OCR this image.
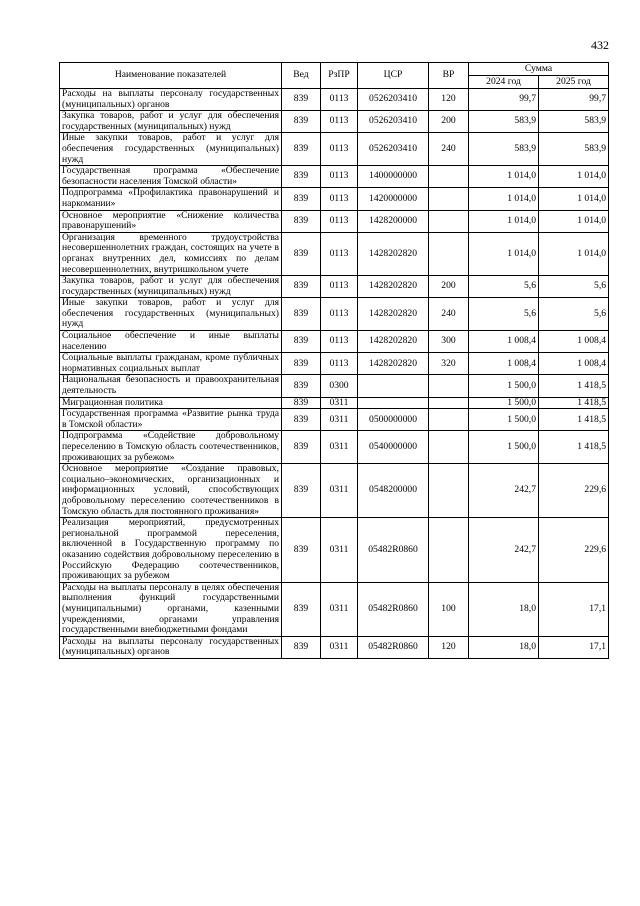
432
Наименование показателей	Вед	РзПР	ЦСР	ВР	Сумма	
					2024 год	2025 год
Расходы на выплаты персоналу государственных (муниципальных) органов	839	0113	0526203410	120	99,7	99,7
Закупка товаров, работ и услуг для обеспечения государственных (муниципальных) нужд	839	0113	0526203410	200	583,9	583,9
Иные закупки товаров, работ и услуг для обеспечения государственных (муниципальных) нужд	839	0113	0526203410	240	583,9	583,9
Государственная программа «Обеспечение безопасности населения Томской области»	839	0113	1400000000		1 014,0	1 014,0
Подпрограмма «Профилактика правонарушений и наркомании»	839	0113	1420000000		1 014,0	1 014,0
Основное мероприятие «Снижение количества правонарушений»	839	0113	1428200000		1 014,0	1 014,0
Организация временного трудоустройства несовершеннолетних граждан, состоящих на учете в органах внутренних дел, комиссиях по делам несовершеннолетних, внутришкольном учете	839	0113	1428202820		1 014,0	1 014,0
Закупка товаров, работ и услуг для обеспечения государственных (муниципальных) нужд	839	0113	1428202820	200	5,6	5,6
Иные закупки товаров, работ и услуг для обеспечения государственных (муниципальных) нужд	839	0113	1428202820	240	5,6	5,6
Социальное обеспечение и иные выплаты населению	839	0113	1428202820	300	1 008,4	1 008,4
Социальные выплаты гражданам, кроме публичных нормативных социальных выплат	839	0113	1428202820	320	1 008,4	1 008,4
Национальная безопасность и правоохранительная деятельность	839	0300			1 500,0	1 418,5
Миграционная политика	839	0311			1 500,0	1 418,5
Государственная программа «Развитие рынка труда в Томской области»	839	0311	0500000000		1 500,0	1 418,5
Подпрограмма «Содействие добровольному переселению в Томскую область соотечественников, проживающих за рубежом»	839	0311	0540000000		1 500,0	1 418,5
Основное мероприятие «Создание правовых, социально–экономических, организационных и информационных условий, способствующих добровольному переселению соотечественников в Томскую область для постоянного проживания»	839	0311	0548200000		242,7	229,6
Реализация мероприятий, предусмотренных региональной программой переселения, включенной в Государственную программу по оказанию содействия добровольному переселению в Российскую Федерацию соотечественников, проживающих за рубежом	839	0311	05482R0860		242,7	229,6
Расходы на выплаты персоналу в целях обеспечения выполнения функций государственными (муниципальными) органами, казенными учреждениями, органами управления государственными внебюджетными фондами	839	0311	05482R0860	100	18,0	17,1
Расходы на выплаты персоналу государственных (муниципальных) органов	839	0311	05482R0860	120	18,0	17,1
